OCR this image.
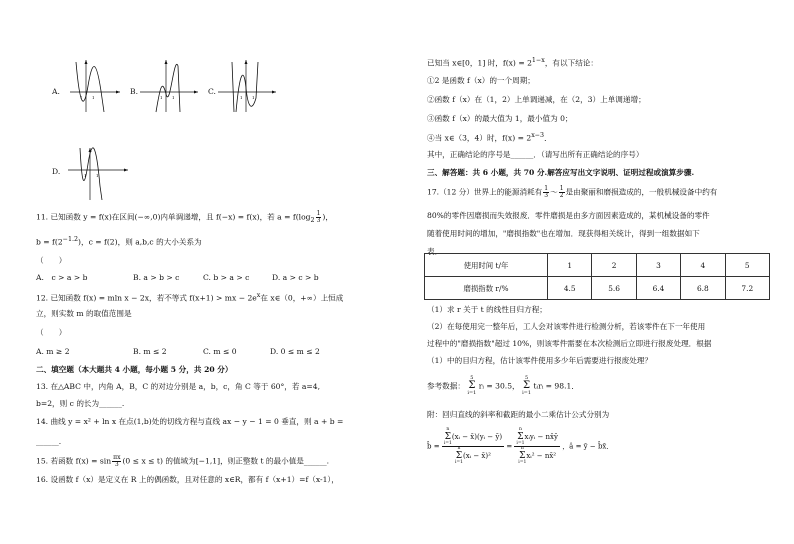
A.
1 1
B.
1 1
C.
1 1
D.	1 1
11. 已知函数 y = f(x)在区间(−∞,0)内单调递增，且 f(−x) = f(x)，若 $a = f(\log_2 \frac{1}{3}$ )，
$b = f(2^{-1.2})$，c = f(2)，则 a,b,c 的大小关系为
（　　）
A.　c > a > b	B. a > b > c	C. b > a > c	D. a > c > b
12. 已知函数 f(x) = mln x − 2x，若不等式 f(x+1) > mx − $2e^x$在 x∈（0，+∞）上恒成
立，则实数 m 的取值范围是
（　　）
A. m ≥ 2	B. m ≤ 2	C. m ≤ 0	D. 0 ≤ m ≤ 2
二、填空题（本大题共 4 小题，每小题 5 分，共 20 分）
13. 在△ABC 中，内角 A，B，C 的对边分别是 a，b，c，角 C 等于 60°，若 a=4,
b=2，则 c 的长为______.
14. 曲线 y = x² + ln x 在点(1,b)处的切线方程与直线 ax − y − 1 = 0 垂直，则 a + b =
______.
15. 若函数 $f(x) = \sin \frac{\pi x}{3} (0 \le x \le t)$ 的值域为[−1,1]，则正整数 t 的最小值是______.
16. 设函数 f（x）是定义在 R 上的偶函数，且对任意的 x∈R，都有 f（x+1）=f（x-1），
已知当 x∈[0，1] 时，$f(x) = 2^{1-x}$，有以下结论：
①2 是函数 f（x）的一个周期；
②函数 f（x）在（1，2）上单调递减，在（2，3）上单调递增；
③函数 f（x）的最大值为 1，最小值为 0；
④当 x∈（3，4）时，$f(x) = 2^{x-3}$．
其中，正确结论的序号是______．（请写出所有正确结论的序号）
三、解答题：共 6 小题，共 70 分.解答应写出文字说明、证明过程或演算步骤.
17.（12 分）世界上的能源消耗有 $\frac{1}{3}$ ～ $\frac{1}{2}$ 是由聚丽和磨损造成的，一般机械设备中约有
80%的零件因磨损而失效报废．零件磨损是由多方面因素造成的，某机械设备的零件
随着使用时间的增加，"磨损指数"也在增加．现获得相关统计，得到一组数据如下
表．
使用时间 t/年	1	2	3	4	5
磨损指数 r/%	4.5	5.6	6.4	6.8	7.2
（1）求 r 关于 t 的线性目归方程；
（2）在每使用完一整年后，工人会对该零件进行检测分析，若该零件在下一年使用
过程中的"磨损指数"超过 10%，则该零件需要在本次检测后立即进行报废处理．根据
（1）中的目归方程，估计该零件使用多少年后需要进行报废处理？
参考数据：
5
Σ
i=1
rᵢ = 30.5，
5
Σ
i=1
tᵢrᵢ = 98.1．
附：回归直线的斜率和截距的最小二乘估计公式分别为
b̂ =
n
Σ
i=1
(xᵢ − x̄)(yᵢ − ȳ)
n
Σ
i=1
(xᵢ − x̄)²
=
n
Σ
i=1
xᵢyᵢ − nx̄ȳ
n
Σ
i=1
xᵢ² − nx̄²
，â = ȳ − b̂x̄．
